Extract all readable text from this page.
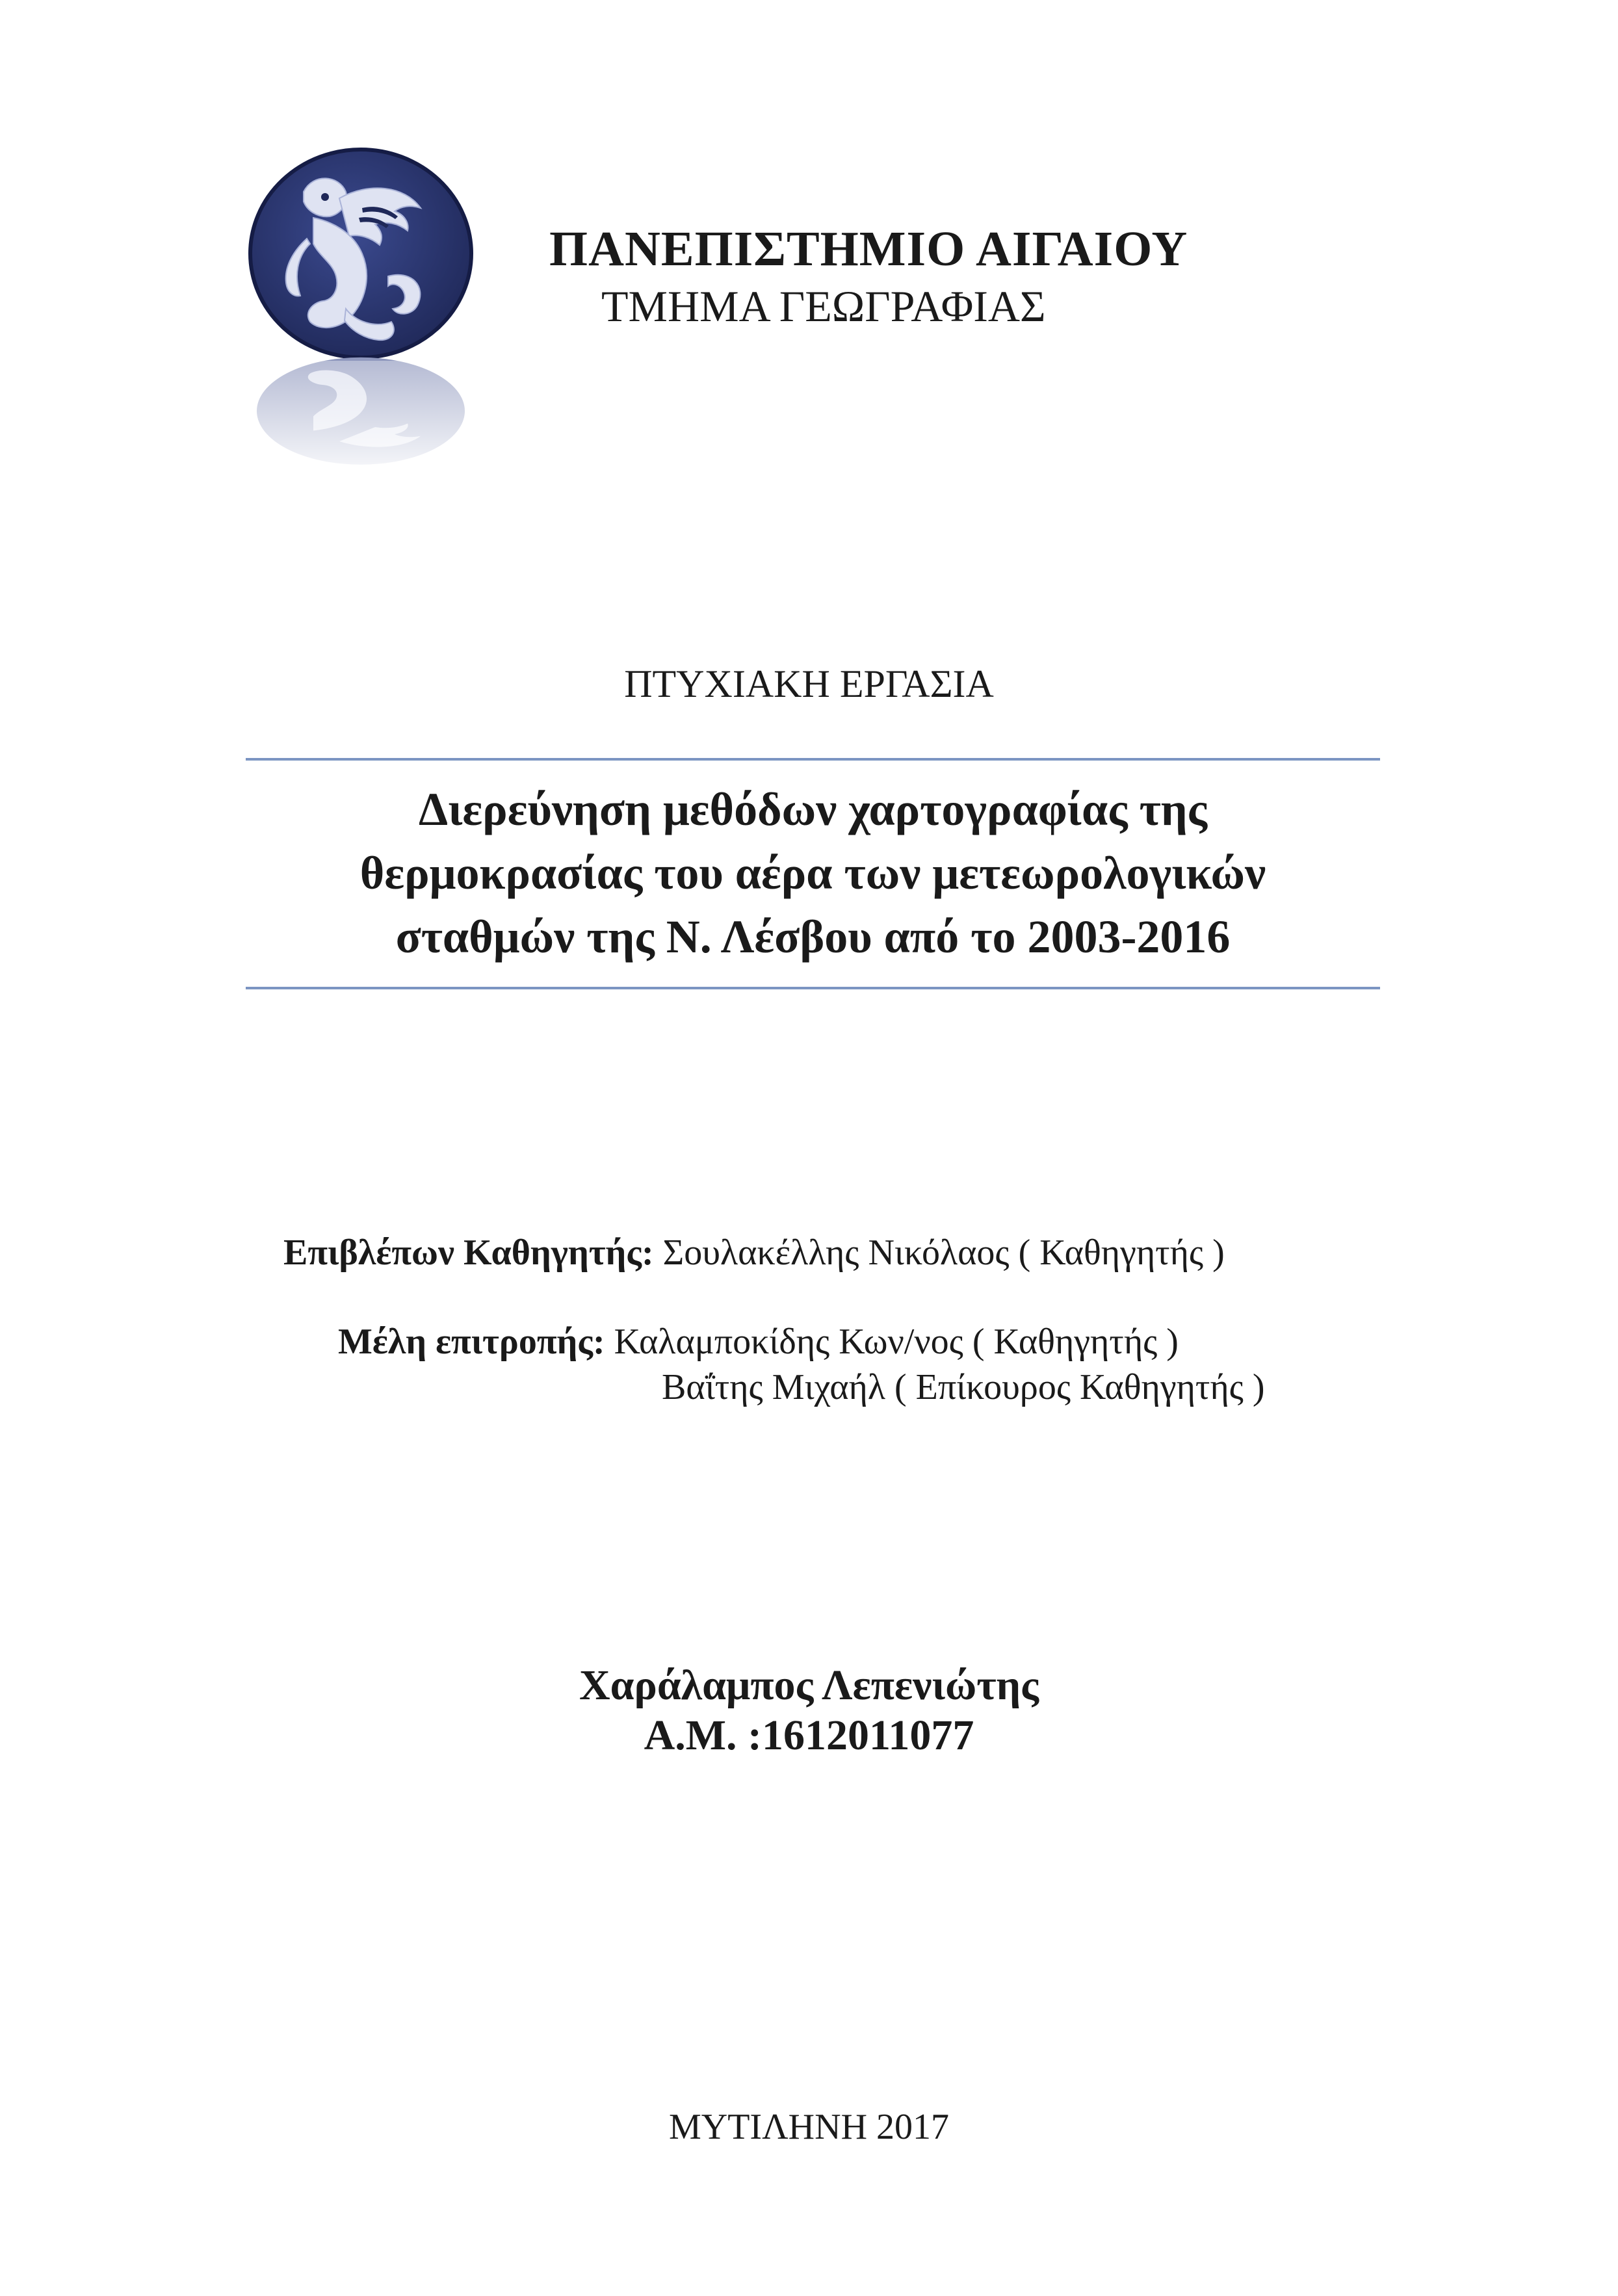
ΠΑΝΕΠΙΣΤΗΜΙΟ ΑΙΓΑΙΟΥ
ΤΜΗΜΑ ΓΕΩΓΡΑΦΙΑΣ
ΠΤΥΧΙΑΚΗ ΕΡΓΑΣΙΑ
Διερεύνηση μεθόδων χαρτογραφίας της
θερμοκρασίας του αέρα των μετεωρολογικών
σταθμών της Ν. Λέσβου από το 2003-2016
Επιβλέπων Καθηγητής: Σουλακέλλης Νικόλαος ( Καθηγητής )
Μέλη επιτροπής: Καλαμποκίδης Κων/νος ( Καθηγητής )
Βαΐτης Μιχαήλ ( Επίκουρος Καθηγητής )
Χαράλαμπος Λεπενιώτης
Α.Μ. :1612011077
ΜΥΤΙΛΗΝΗ 2017
